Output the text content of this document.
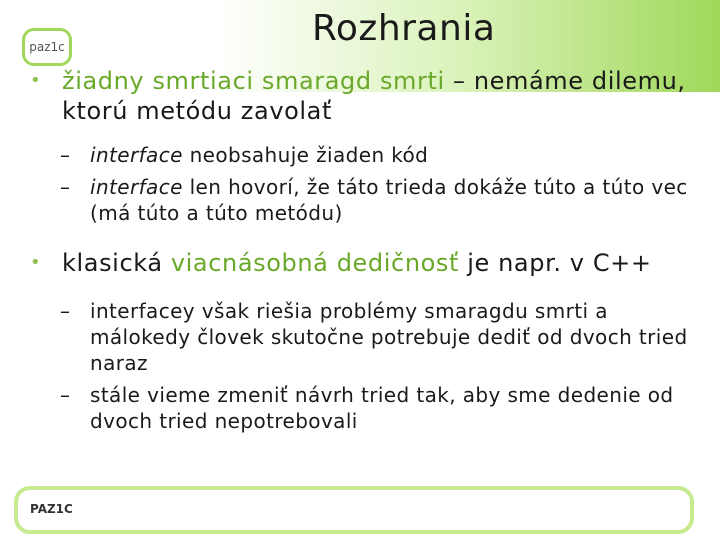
paz1c	Rozhrania
• žiadny smrtiaci smaragd smrti – nemáme dilemu, ktorú metódu zavolať
– interface neobsahuje žiaden kód
– interface len hovorí, že táto trieda dokáže túto a túto vec (má túto a túto metódu)
• klasická viacnásobná dedičnosť je napr. v C++
– interfacey však riešia problémy smaragdu smrti a málokedy človek skutočne potrebuje dediť od dvoch tried naraz
– stále vieme zmeniť návrh tried tak, aby sme dedenie od dvoch tried nepotrebovali
PAZ1C
